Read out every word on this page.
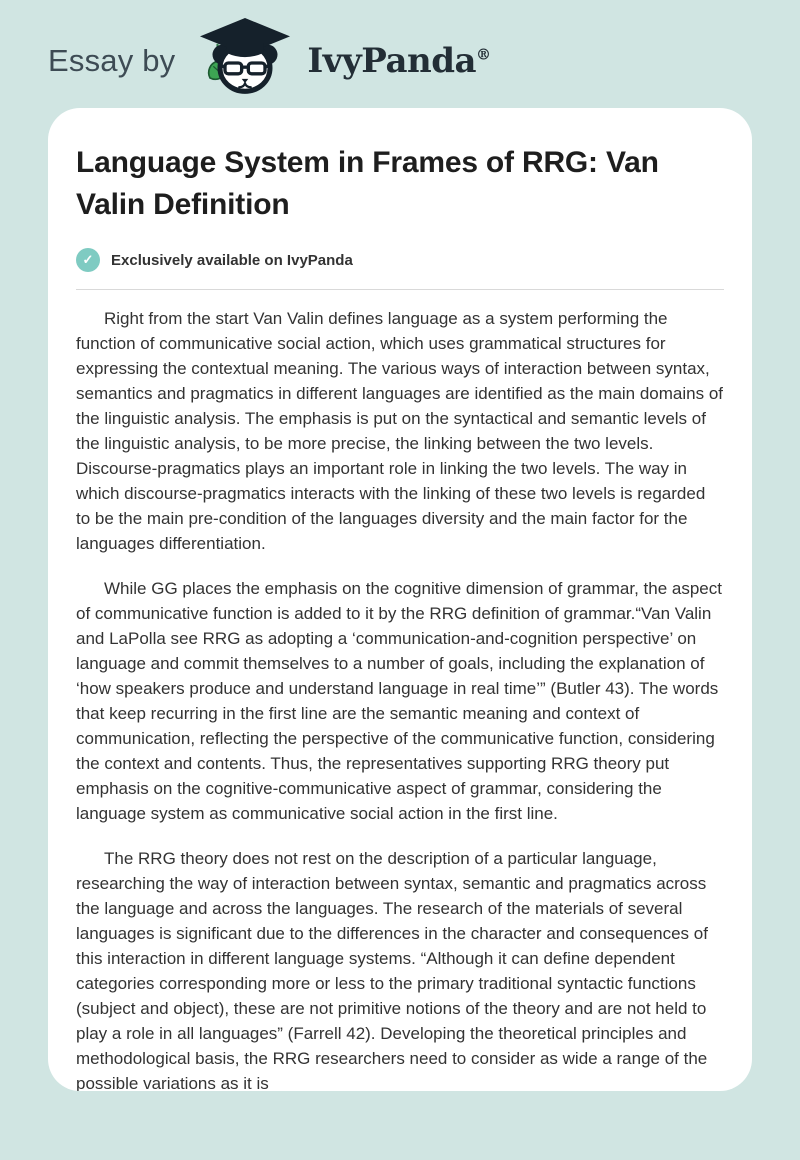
Essay by	IvyPanda®
Language System in Frames of RRG: Van Valin Definition
✓	Exclusively available on IvyPanda

Right from the start Van Valin defines language as a system performing the function of communicative social action, which uses grammatical structures for expressing the contextual meaning. The various ways of interaction between syntax, semantics and pragmatics in different languages are identified as the main domains of the linguistic analysis. The emphasis is put on the syntactical and semantic levels of the linguistic analysis, to be more precise, the linking between the two levels. Discourse-pragmatics plays an important role in linking the two levels. The way in which discourse-pragmatics interacts with the linking of these two levels is regarded to be the main pre-condition of the languages diversity and the main factor for the languages differentiation.

While GG places the emphasis on the cognitive dimension of grammar, the aspect of communicative function is added to it by the RRG definition of grammar.“Van Valin and LaPolla see RRG as adopting a ‘communication-and-cognition perspective’ on language and commit themselves to a number of goals, including the explanation of ‘how speakers produce and understand language in real time’” (Butler 43). The words that keep recurring in the first line are the semantic meaning and context of communication, reflecting the perspective of the communicative function, considering the context and contents. Thus, the representatives supporting RRG theory put emphasis on the cognitive-communicative aspect of grammar, considering the language system as communicative social action in the first line.

The RRG theory does not rest on the description of a particular language, researching the way of interaction between syntax, semantic and pragmatics across the language and across the languages. The research of the materials of several languages is significant due to the differences in the character and consequences of this interaction in different language systems. “Although it can define dependent categories corresponding more or less to the primary traditional syntactic functions (subject and object), these are not primitive notions of the theory and are not held to play a role in all languages” (Farrell 42). Developing the theoretical principles and methodological basis, the RRG researchers need to consider as wide a range of the possible variations as it is
